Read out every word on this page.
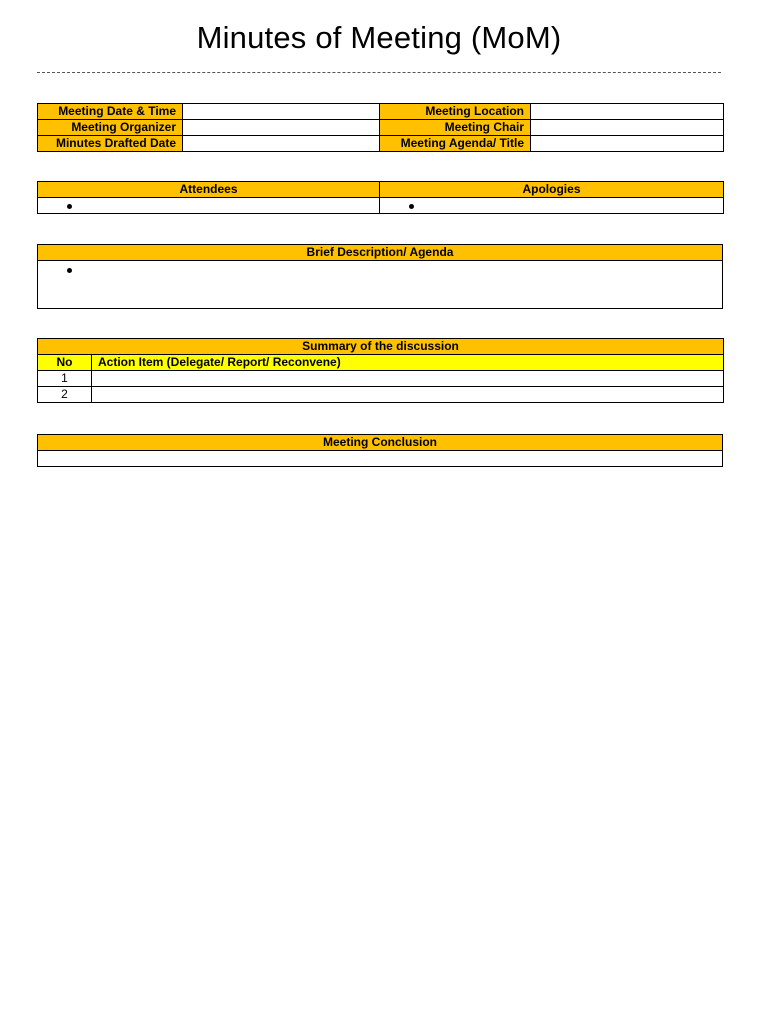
Minutes of Meeting (MoM)
Meeting Date & Time		Meeting Location	
Meeting Organizer		Meeting Chair	
Minutes Drafted Date		Meeting Agenda/ Title	
Attendees	Apologies

Brief Description/ Agenda

Summary of the discussion	
No	Action Item (Delegate/ Report/ Reconvene)
1	
2	
Meeting Conclusion
